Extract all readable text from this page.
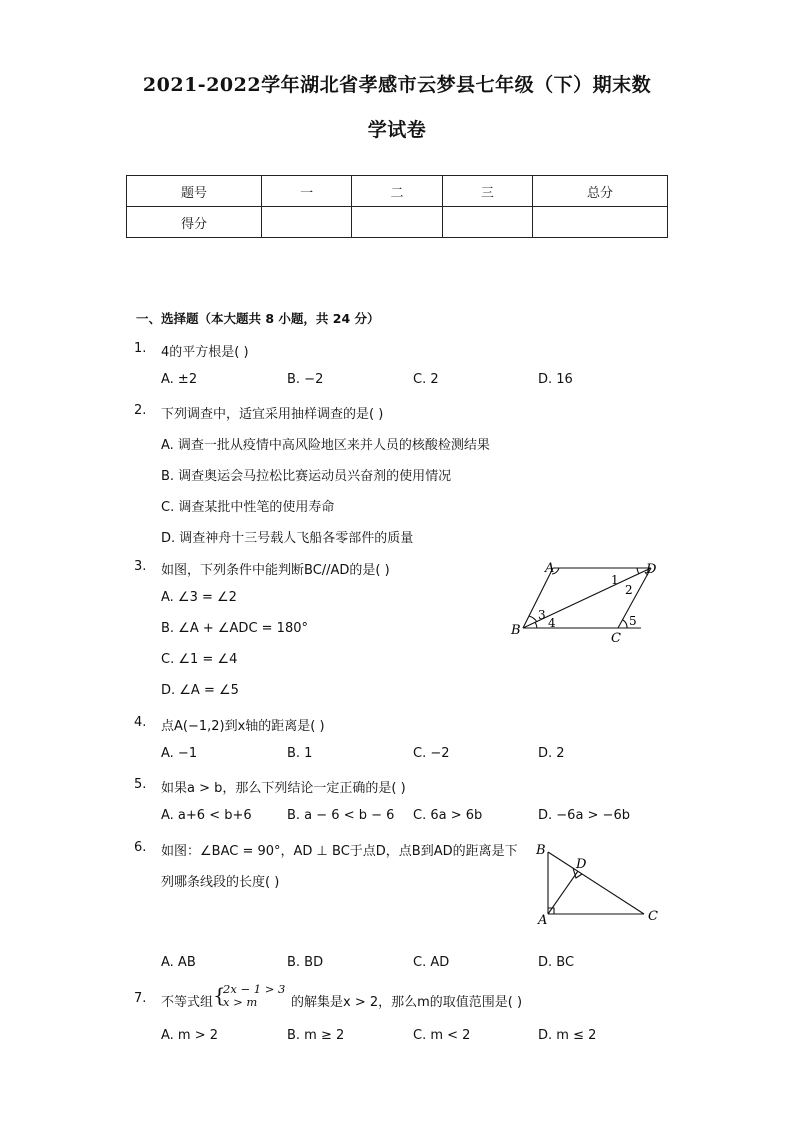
2021-2022学年湖北省孝感市云梦县七年级（下）期末数
学试卷
题号	一	二	三	总分
得分				
一、选择题（本大题共 8 小题，共 24 分）
1. 4的平方根是( )
A. ±2	B. −2	C. 2	D. 16
2. 下列调查中，适宜采用抽样调查的是( )
A. 调查一批从疫情中高风险地区来并人员的核酸检测结果
B. 调查奥运会马拉松比赛运动员兴奋剂的使用情况
C. 调查某批中性笔的使用寿命
D. 调查神舟十三号载人飞船各零部件的质量
3. 如图，下列条件中能判断BC//AD的是( )
A. ∠3 = ∠2
B. ∠A + ∠ADC = 180°
C. ∠1 = ∠4
D. ∠A = ∠5
A
B
C
D
1
2
3
4	5
4. 点A(−1,2)到x轴的距离是( )
A. −1	B. 1	C. −2	D. 2
5. 如果a > b，那么下列结论一定正确的是( )
A. a+6 < b+6	B. a − 6 < b − 6 C. 6a > 6b	D. −6a > −6b
6. 如图：∠BAC = 90°，AD ⊥ BC于点D，点B到AD的距离是下
列哪条线段的长度( )
B
A	C
D
A. AB	B. BD	C. AD	D. BC
7. 不等式组 {
2x − 1 > 3
x > m	的解集是x > 2，那么m的取值范围是( )
A. m > 2	B. m ≥ 2	C. m < 2	D. m ≤ 2
